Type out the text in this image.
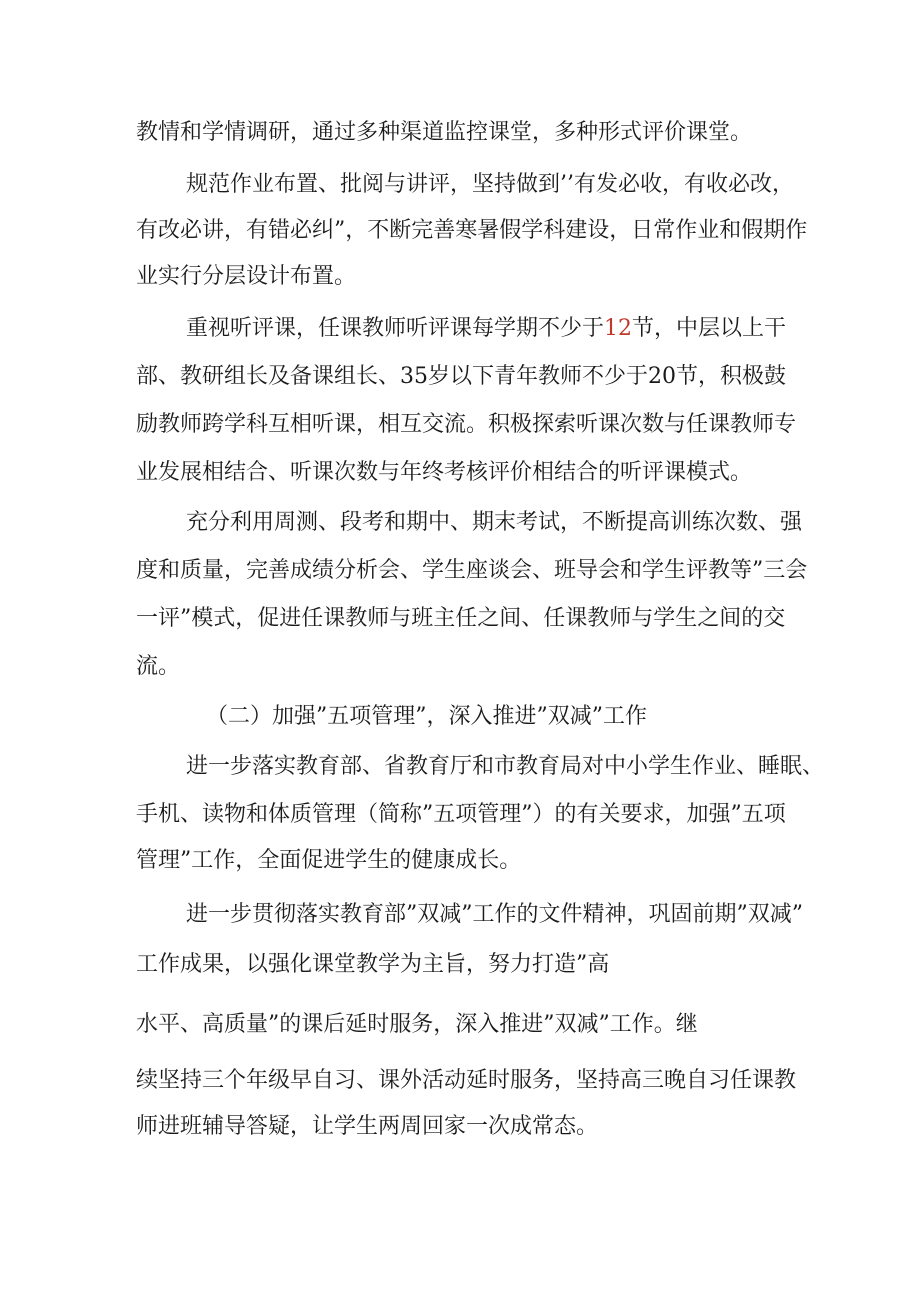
教情和学情调研，通过多种渠道监控课堂，多种形式评价课堂。
规范作业布置、批阅与讲评，坚持做到’’有发必收，有收必改，
有改必讲，有错必纠”，不断完善寒暑假学科建设，日常作业和假期作
业实行分层设计布置。
重视听评课，任课教师听评课每学期不少于12节，中层以上干
部、教研组长及备课组长、35岁以下青年教师不少于20节，积极鼓
励教师跨学科互相听课，相互交流。积极探索听课次数与任课教师专
业发展相结合、听课次数与年终考核评价相结合的听评课模式。
充分利用周测、段考和期中、期末考试，不断提高训练次数、强
度和质量，完善成绩分析会、学生座谈会、班导会和学生评教等”三会
一评”模式，促进任课教师与班主任之间、任课教师与学生之间的交
流。
（二）加强”五项管理”，深入推进”双减”工作
进一步落实教育部、省教育厅和市教育局对中小学生作业、睡眠、
手机、读物和体质管理（简称”五项管理”）的有关要求，加强”五项
管理”工作，全面促进学生的健康成长。
进一步贯彻落实教育部”双减”工作的文件精神，巩固前期”双减”
工作成果，以强化课堂教学为主旨，努力打造”高
水平、高质量”的课后延时服务，深入推进”双减”工作。继
续坚持三个年级早自习、课外活动延时服务，坚持高三晚自习任课教
师进班辅导答疑，让学生两周回家一次成常态。
